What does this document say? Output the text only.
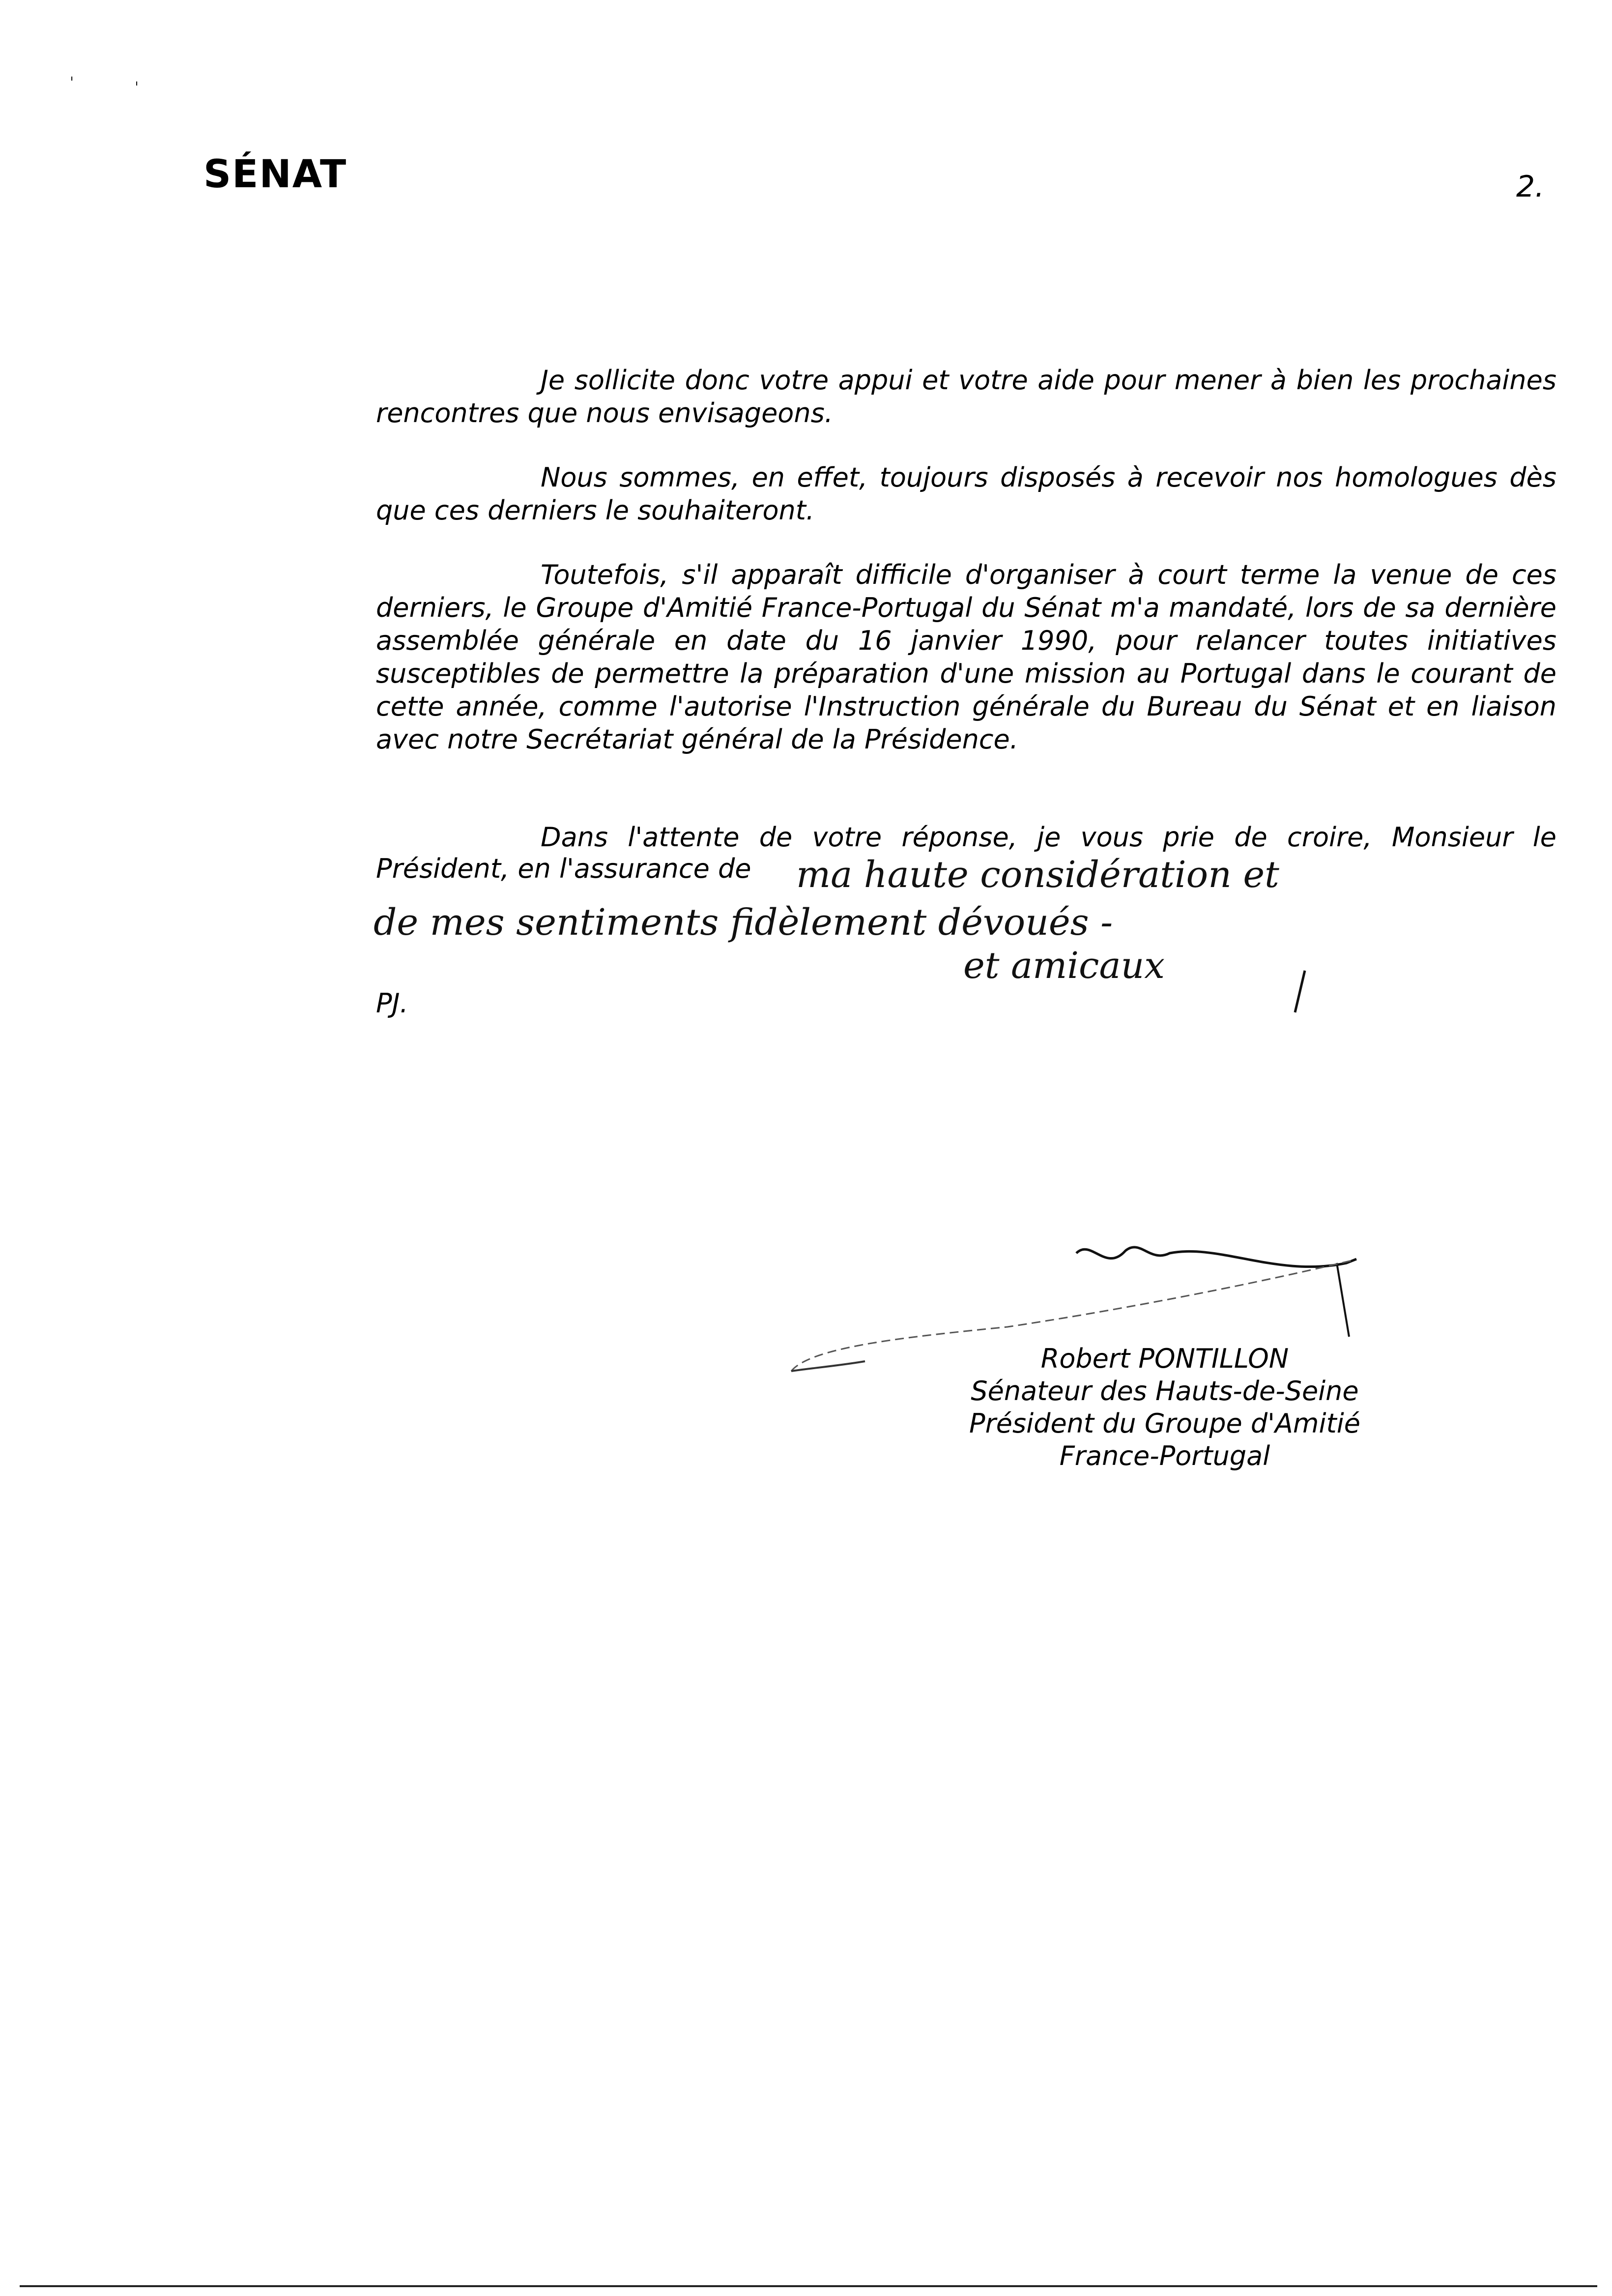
ˈ	ˈ
SÉNAT	2.

Je sollicite donc votre appui et votre aide pour mener à bien les prochaines rencontres que nous envisageons.

Nous sommes, en effet, toujours disposés à recevoir nos homologues dès que ces derniers le souhaiteront.

Toutefois, s'il apparaît difficile d'organiser à court terme la venue de ces derniers, le Groupe d'Amitié France-Portugal du Sénat m'a mandaté, lors de sa dernière assemblée générale en date du 16 janvier 1990, pour relancer toutes initiatives susceptibles de permettre la préparation d'une mission au Portugal dans le courant de cette année, comme l'autorise l'Instruction générale du Bureau du Sénat et en liaison avec notre Secrétariat général de la Présidence.

Dans l'attente de votre réponse, je vous prie de croire, Monsieur le

Président, en l'assurance de ma haute considération et
de mes sentiments fidèlement dévoués -
et amicaux
PJ.
Robert PONTILLON
Sénateur des Hauts-de-Seine
Président du Groupe d'Amitié
France-Portugal
